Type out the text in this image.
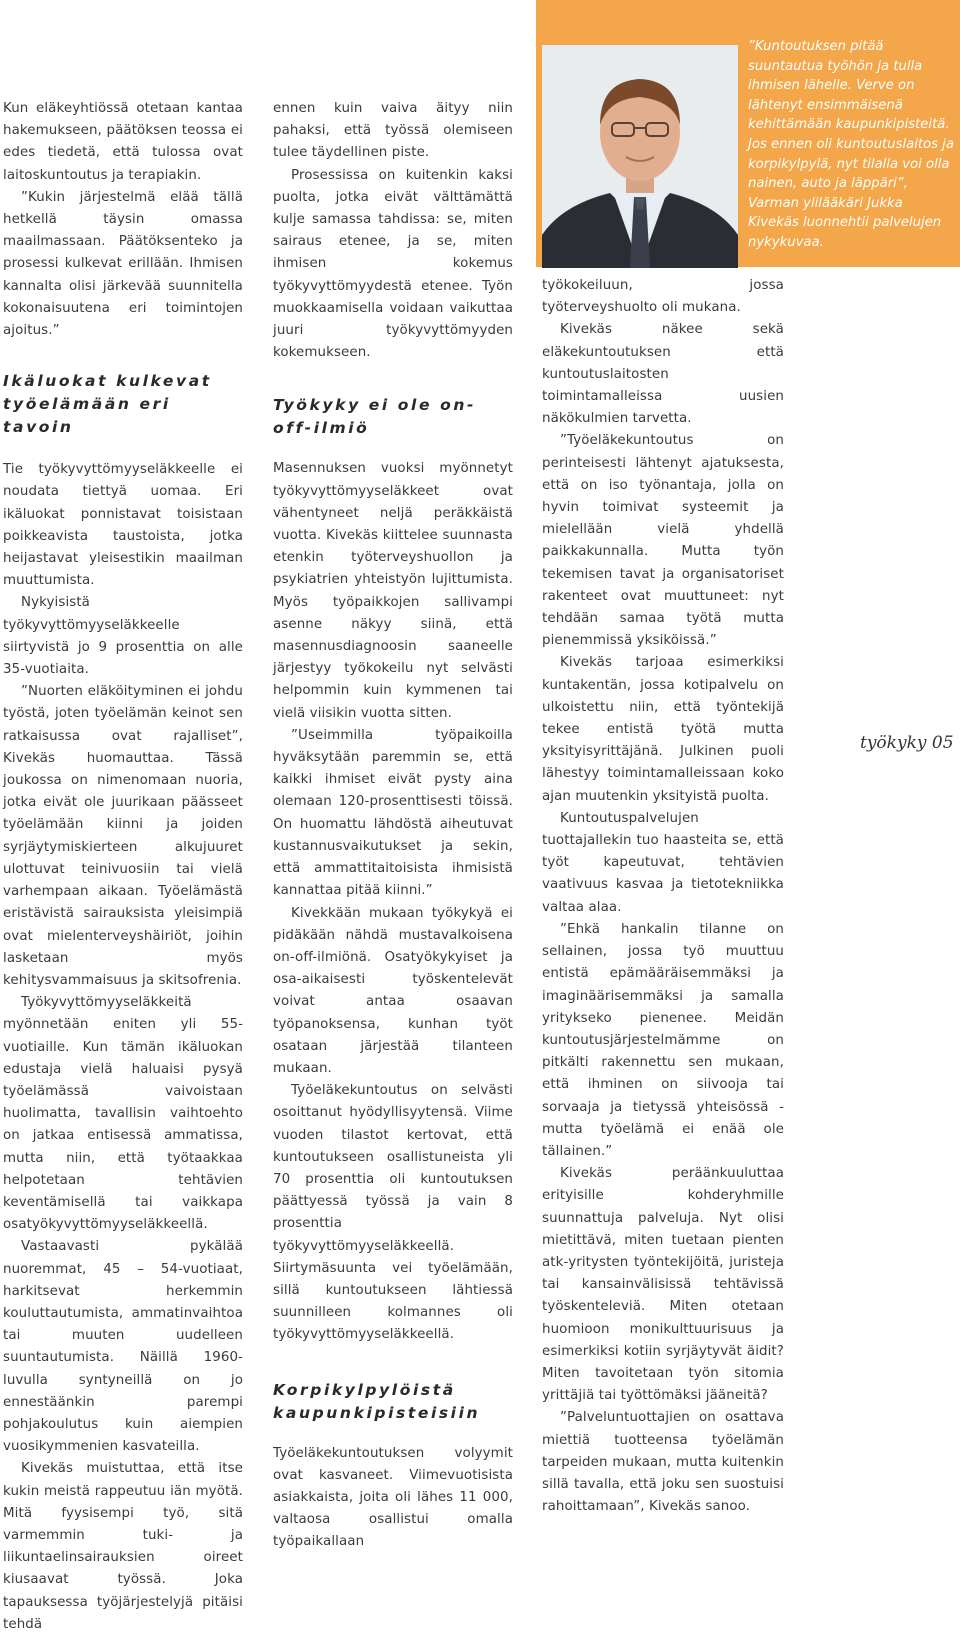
”Kuntoutuksen pitää suuntautua työhön ja tulla ihmisen lähelle. Verve on lähtenyt ensimmäisenä kehittämään kaupunkipisteitä. Jos ennen oli kuntoutuslaitos ja korpikylpylä, nyt tilalla voi olla nainen, auto ja läppäri”, Varman ylilääkäri Jukka Kivekäs luonnehtii palvelujen nykykuvaa.

työkyky 05

Kun eläkeyhtiössä otetaan kantaa hakemukseen, päätöksen teossa ei edes tiedetä, että tulossa ovat laitoskuntoutus ja terapiakin.

”Kukin järjestelmä elää tällä hetkellä täysin omassa maailmassaan. Päätöksenteko ja prosessi kulkevat erillään. Ihmisen kannalta olisi järkevää suunnitella kokonaisuutena eri toimintojen ajoitus.”

Ikäluokat kulkevat työelämään eri tavoin

Tie työkyvyttömyyseläkkeelle ei noudata tiettyä uomaa. Eri ikäluokat ponnistavat toisistaan poikkeavista taustoista, jotka heijastavat yleisestikin maailman muuttumista.

Nykyisistä työkyvyttömyyseläkkeelle siirtyvistä jo 9 prosenttia on alle 35-vuotiaita.

”Nuorten eläköityminen ei johdu työstä, joten työelämän keinot sen ratkaisussa ovat rajalliset”, Kivekäs huomauttaa. Tässä joukossa on nimenomaan nuoria, jotka eivät ole juurikaan päässeet työelämään kiinni ja joiden syrjäytymiskierteen alkujuuret ulottuvat teinivuosiin tai vielä varhempaan aikaan. Työelämästä eristävistä sairauksista yleisimpiä ovat mielenterveyshäiriöt, joihin lasketaan myös kehitysvammaisuus ja skitsofrenia.

Työkyvyttömyyseläkkeitä myönnetään eniten yli 55-vuotiaille. Kun tämän ikäluokan edustaja vielä haluaisi pysyä työelämässä vaivoistaan huolimatta, tavallisin vaihtoehto on jatkaa entisessä ammatissa, mutta niin, että työtaakkaa helpotetaan tehtävien keventämisellä tai vaikkapa osatyökyvyttömyyseläkkeellä.

Vastaavasti pykälää nuoremmat, 45 – 54-vuotiaat, harkitsevat herkemmin kouluttautumista, ammatinvaihtoa tai muuten uudelleen suuntautumista. Näillä 1960-luvulla syntyneillä on jo ennestäänkin parempi pohjakoulutus kuin aiempien vuosikymmenien kasvateilla.

Kivekäs muistuttaa, että itse kukin meistä rappeutuu iän myötä. Mitä fyysisempi työ, sitä varmemmin tuki- ja liikuntaelinsairauksien oireet kiusaavat työssä. Joka tapauksessa työjärjestelyjä pitäisi tehdä

ennen kuin vaiva äityy niin pahaksi, että työssä olemiseen tulee täydellinen piste.

Prosessissa on kuitenkin kaksi puolta, jotka eivät välttämättä kulje samassa tahdissa: se, miten sairaus etenee, ja se, miten ihmisen kokemus työkyvyttömyydestä etenee. Työn muokkaamisella voidaan vaikuttaa juuri työkyvyttömyyden kokemukseen.

Työkyky ei ole on-off-ilmiö

Masennuksen vuoksi myönnetyt työkyvyttömyyseläkkeet ovat vähentyneet neljä peräkkäistä vuotta. Kivekäs kiittelee suunnasta etenkin työterveyshuollon ja psykiatrien yhteistyön lujittumista. Myös työpaikkojen sallivampi asenne näkyy siinä, että masennusdiagnoosin saaneelle järjestyy työkokeilu nyt selvästi helpommin kuin kymmenen tai vielä viisikin vuotta sitten.

”Useimmilla työpaikoilla hyväksytään paremmin se, että kaikki ihmiset eivät pysty aina olemaan 120-prosenttisesti töissä. On huomattu lähdöstä aiheutuvat kustannusvaikutukset ja sekin, että ammattitaitoisista ihmisistä kannattaa pitää kiinni.”

Kivekkään mukaan työkykyä ei pidäkään nähdä mustavalkoisena on-off-ilmiönä. Osatyökykyiset ja osa-aikaisesti työskentelevät voivat antaa osaavan työpanoksensa, kunhan työt osataan järjestää tilanteen mukaan.

Työeläkekuntoutus on selvästi osoittanut hyödyllisyytensä. Viime vuoden tilastot kertovat, että kuntoutukseen osallistuneista yli 70 prosenttia oli kuntoutuksen päättyessä työssä ja vain 8 prosenttia työkyvyttömyyseläkkeellä. Siirtymäsuunta vei työelämään, sillä kuntoutukseen lähtiessä suunnilleen kolmannes oli työkyvyttömyyseläkkeellä.

Korpikylpylöistä kaupunkipisteisiin

Työeläkekuntoutuksen volyymit ovat kasvaneet. Viimevuotisista asiakkaista, joita oli lähes 11 000, valtaosa osallistui omalla työpaikallaan

työkokeiluun, jossa työterveyshuolto oli mukana.

Kivekäs näkee sekä eläkekuntoutuksen että kuntoutuslaitosten toimintamalleissa uusien näkökulmien tarvetta.

”Työeläkekuntoutus on perinteisesti lähtenyt ajatuksesta, että on iso työnantaja, jolla on hyvin toimivat systeemit ja mielellään vielä yhdellä paikkakunnalla. Mutta työn tekemisen tavat ja organisatoriset rakenteet ovat muuttuneet: nyt tehdään samaa työtä mutta pienemmissä yksiköissä.”

Kivekäs tarjoaa esimerkiksi kuntakentän, jossa kotipalvelu on ulkoistettu niin, että työntekijä tekee entistä työtä mutta yksityisyrittäjänä. Julkinen puoli lähestyy toimintamalleissaan koko ajan muutenkin yksityistä puolta.

Kuntoutuspalvelujen tuottajallekin tuo haasteita se, että työt kapeutuvat, tehtävien vaativuus kasvaa ja tietotekniikka valtaa alaa.

”Ehkä hankalin tilanne on sellainen, jossa työ muuttuu entistä epämääräisemmäksi ja imaginäärisemmäksi ja samalla yritykseko pienenee. Meidän kuntoutusjärjestelmämme on pitkälti rakennettu sen mukaan, että ihminen on siivooja tai sorvaaja ja tietyssä yhteisössä - mutta työelämä ei enää ole tällainen.”

Kivekäs peräänkuuluttaa erityisille kohderyhmille suunnattuja palveluja. Nyt olisi mietittävä, miten tuetaan pienten atk-yritysten työntekijöitä, juristeja tai kansainvälisissä tehtävissä työskenteleviä. Miten otetaan huomioon monikulttuurisuus ja esimerkiksi kotiin syrjäytyvät äidit? Miten tavoitetaan työn sitomia yrittäjiä tai työttömäksi jääneitä?

”Palveluntuottajien on osattava miettiä tuotteensa työelämän tarpeiden mukaan, mutta kuitenkin sillä tavalla, että joku sen suostuisi rahoittamaan”, Kivekäs sanoo.
